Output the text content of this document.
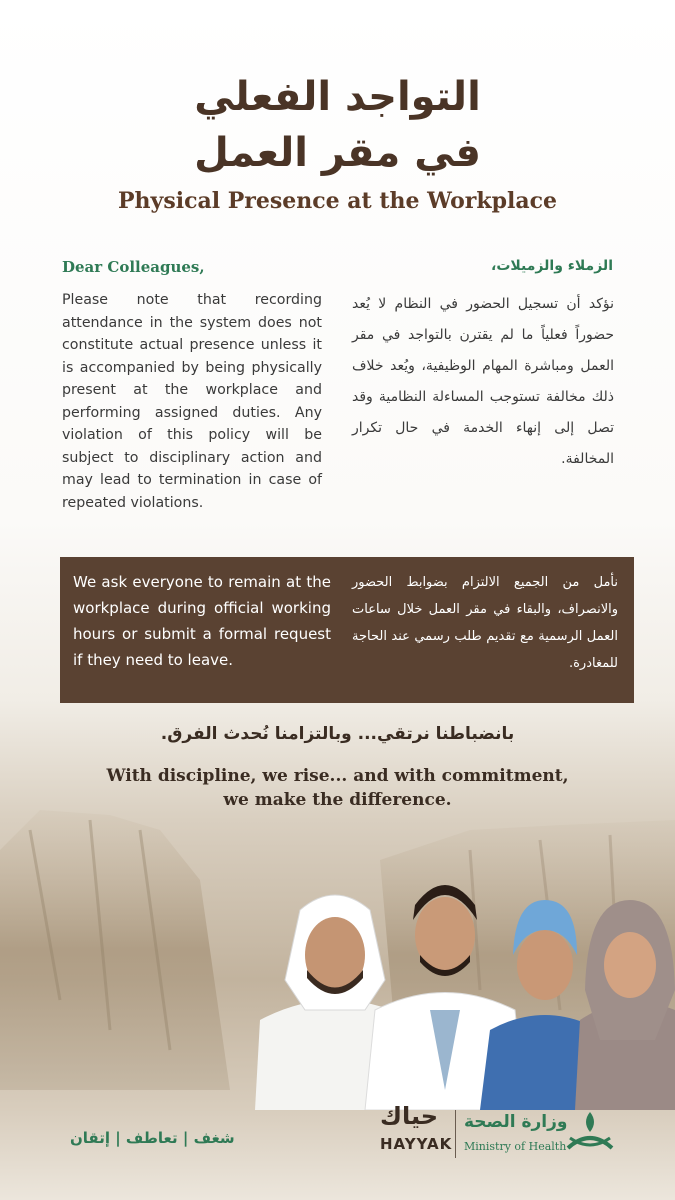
التواجد الفعلي
في مقر العمل
Physical Presence at the Workplace
Dear Colleagues,	الزملاء والزميلات،
Please note that recording attendance in the system does not constitute actual presence unless it is accompanied by being physically present at the workplace and performing assigned duties. Any violation of this policy will be subject to disciplinary action and may lead to termination in case of repeated violations.
نؤكد أن تسجيل الحضور في النظام لا يُعد حضوراً فعلياً ما لم يقترن بالتواجد في مقر العمل ومباشرة المهام الوظيفية، ويُعد خلاف ذلك مخالفة تستوجب المساءلة النظامية وقد تصل إلى إنهاء الخدمة في حال تكرار المخالفة.
We ask everyone to remain at the workplace during official working hours or submit a formal request if they need to leave.
نأمل من الجميع الالتزام بضوابط الحضور والانصراف، والبقاء في مقر العمل خلال ساعات العمل الرسمية مع تقديم طلب رسمي عند الحاجة للمغادرة.
بانضباطنا نرتقي... وبالتزامنا نُحدث الفرق.
With discipline, we rise... and with commitment,
we make the difference.
شغف | تعاطف | إتقان
حياك
HAYYAK
وزارة الصحة
Ministry of Health
